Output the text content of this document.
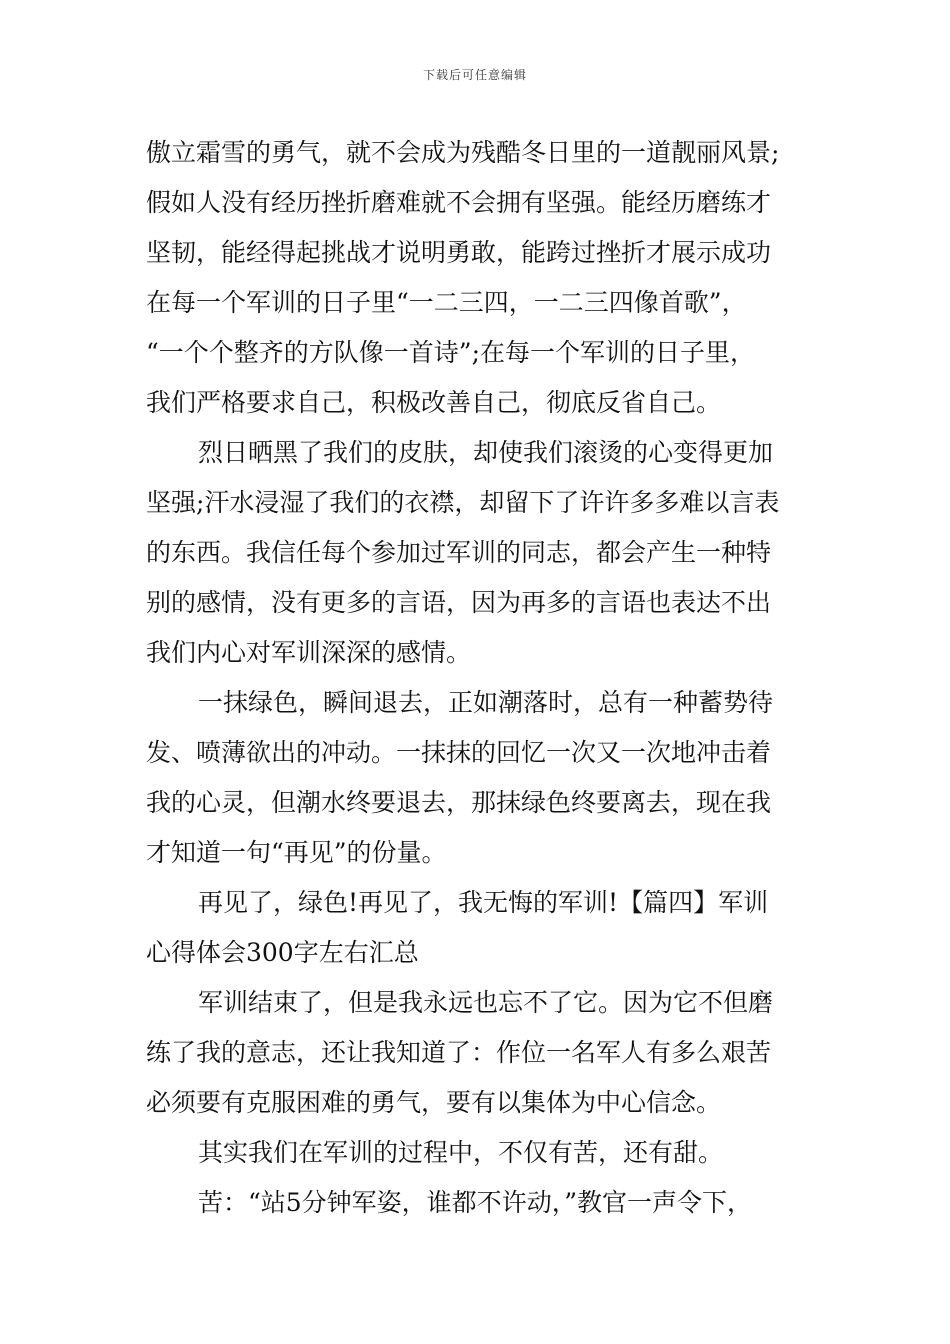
下载后可任意编辑
傲立霜雪的勇气，就不会成为残酷冬日里的一道靓丽风景;
假如人没有经历挫折磨难就不会拥有坚强。能经历磨练才
坚韧，能经得起挑战才说明勇敢，能跨过挫折才展示成功
在每一个军训的日子里“一二三四，一二三四像首歌”，
“一个个整齐的方队像一首诗”;在每一个军训的日子里，
我们严格要求自己，积极改善自己，彻底反省自己。
烈日晒黑了我们的皮肤，却使我们滚烫的心变得更加
坚强;汗水浸湿了我们的衣襟，却留下了许许多多难以言表
的东西。我信任每个参加过军训的同志，都会产生一种特
别的感情，没有更多的言语，因为再多的言语也表达不出
我们内心对军训深深的感情。
一抹绿色，瞬间退去，正如潮落时，总有一种蓄势待
发、喷薄欲出的冲动。一抹抹的回忆一次又一次地冲击着
我的心灵，但潮水终要退去，那抹绿色终要离去，现在我
才知道一句“再见”的份量。
再见了，绿色!再见了，我无悔的军训!【篇四】军训
心得体会300字左右汇总
军训结束了，但是我永远也忘不了它。因为它不但磨
练了我的意志，还让我知道了：作位一名军人有多么艰苦
必须要有克服困难的勇气，要有以集体为中心信念。
其实我们在军训的过程中，不仅有苦，还有甜。
苦：“站5分钟军姿，谁都不许动，”教官一声令下，
